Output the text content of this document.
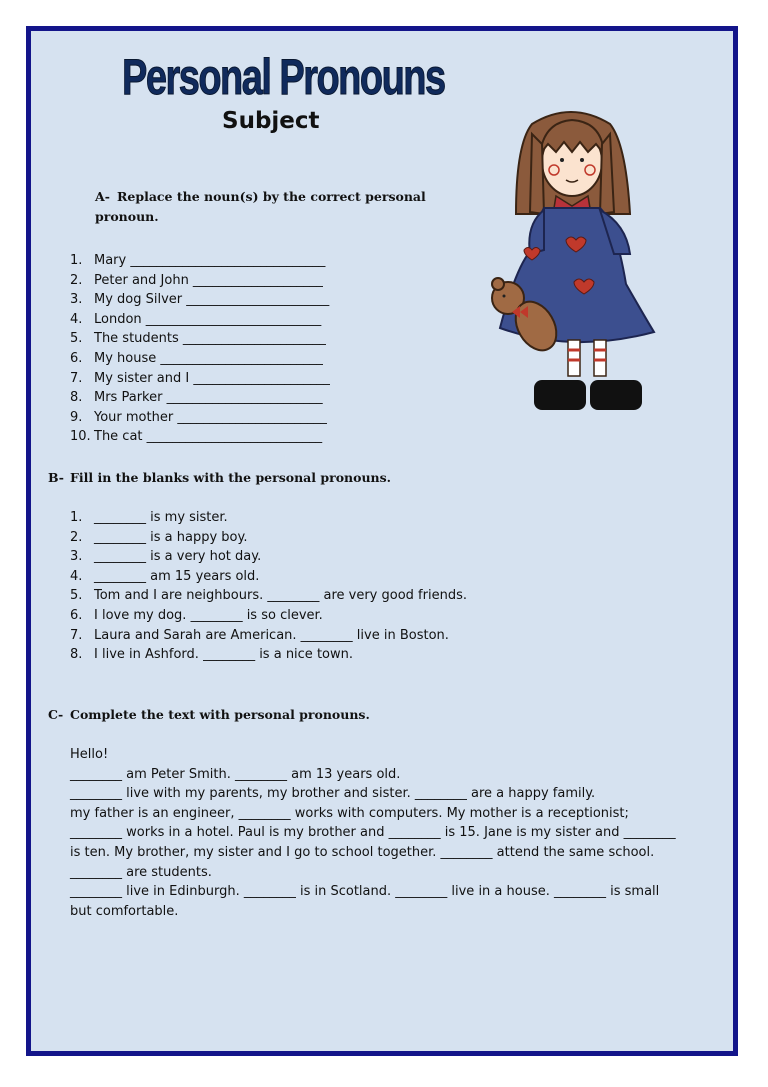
Personal Pronouns
Subject
A- Replace the noun(s) by the correct personal
pronoun.
1. Mary ______________________________
2. Peter and John ____________________
3. My dog Silver ______________________
4. London ___________________________
5. The students ______________________
6. My house _________________________
7. My sister and I _____________________
8. Mrs Parker ________________________
9. Your mother _______________________
10. The cat ___________________________
B- Fill in the blanks with the personal pronouns.
1. ________ is my sister.
2. ________ is a happy boy.
3. ________ is a very hot day.
4. ________ am 15 years old.
5. Tom and I are neighbours. ________ are very good friends.
6. I love my dog. ________ is so clever.
7. Laura and Sarah are American. ________ live in Boston.
8. I live in Ashford. ________ is a nice town.
C- Complete the text with personal pronouns.

Hello!

________ am Peter Smith. ________ am 13 years old.

________ live with my parents, my brother and sister. ________ are a happy family.

my father is an engineer, ________ works with computers. My mother is a receptionist; ________ works in a hotel. Paul is my brother and ________ is 15. Jane is my sister and ________ is ten. My brother, my sister and I go to school together. ________ attend the same school. ________ are students.

________ live in Edinburgh. ________ is in Scotland. ________ live in a house. ________ is small but comfortable.
